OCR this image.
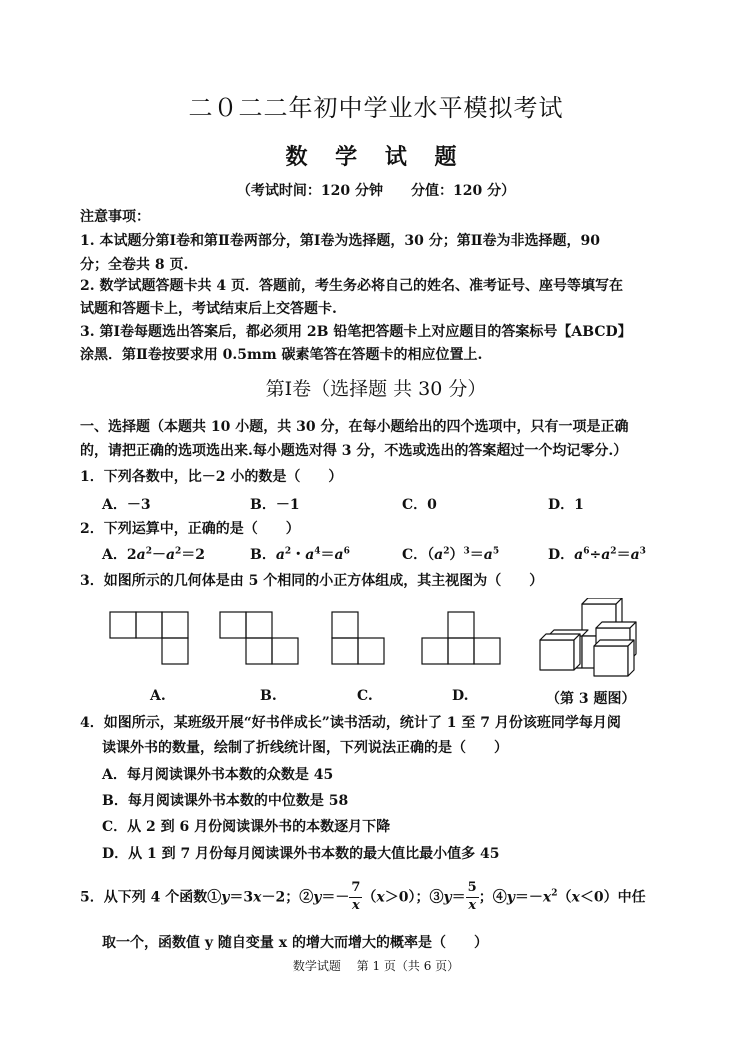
二０二二年初中学业水平模拟考试
数 学 试 题
（考试时间：120 分钟　　分值：120 分）
注意事项：
1. 本试题分第Ⅰ卷和第Ⅱ卷两部分，第Ⅰ卷为选择题，30 分；第Ⅱ卷为非选择题，90
分；全卷共 8 页.
2. 数学试题答题卡共 4 页．答题前，考生务必将自己的姓名、准考证号、座号等填写在
试题和答题卡上，考试结束后上交答题卡.
3. 第Ⅰ卷每题选出答案后，都必须用 2B 铅笔把答题卡上对应题目的答案标号【ABCD】
涂黑．第Ⅱ卷按要求用 0.5mm 碳素笔答在答题卡的相应位置上.
第Ⅰ卷（选择题 共 30 分）
一、选择题（本题共 10 小题，共 30 分，在每小题给出的四个选项中，只有一项是正确
的，请把正确的选项选出来.每小题选对得 3 分，不选或选出的答案超过一个均记零分.）
1．下列各数中，比－2 小的数是（　　）
A．－3	B．－1	C．0	D．1
2．下列运算中，正确的是（　　）
A．$2a^2-a^2=2$	B．$a^2$・$a^4=a^6$	C．$(a^2)^3=a^5$	D．$a^6\div a^2=a^3$
3．如图所示的几何体是由 5 个相同的小正方体组成，其主视图为（　　）
A.	B.	C.	D.	（第 3 题图）
4．如图所示，某班级开展“好书伴成长”读书活动，统计了 1 至 7 月份该班同学每月阅
读课外书的数量，绘制了折线统计图，下列说法正确的是（　　）
A．每月阅读课外书本数的众数是 45
B．每月阅读课外书本数的中位数是 58
C．从 2 到 6 月份阅读课外书的本数逐月下降
D．从 1 到 7 月份每月阅读课外书本数的最大值比最小值多 45
5．从下列 4 个函数①y＝3x－2；②y＝－ $\frac{7}{x} (x>0)$；③y＝ $\frac{5}{x}$ ；$④y=-x^2(x<0)$中任
取一个，函数值 y 随自变量 x 的增大而增大的概率是（　　）
数学试题　 第 1 页（共 6 页）
